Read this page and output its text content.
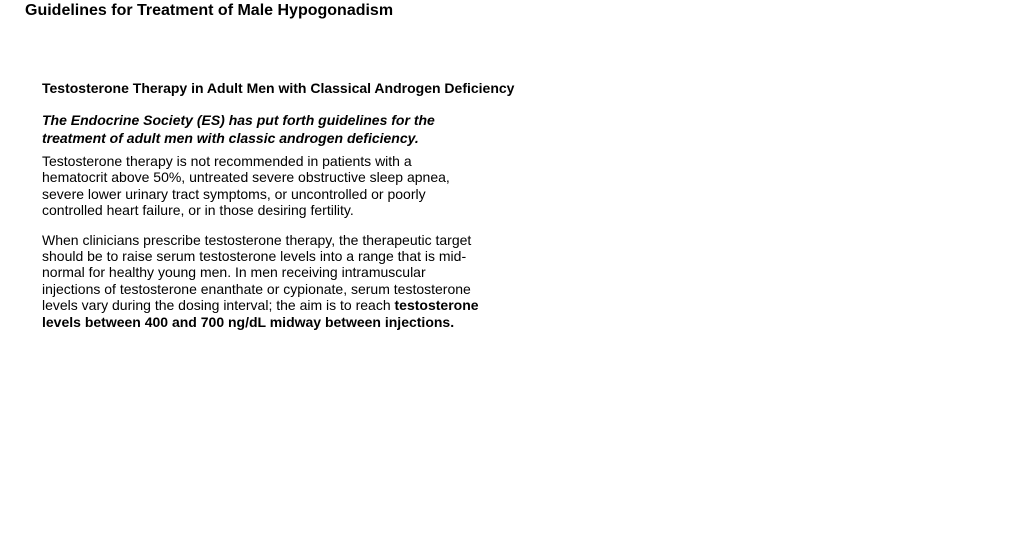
Guidelines for Treatment of Male Hypogonadism
Testosterone Therapy in Adult Men with Classical Androgen Deficiency

The Endocrine Society (ES) has put forth guidelines for the treatment of adult men with classic androgen deficiency.

Testosterone therapy is not recommended in patients with a hematocrit above 50%, untreated severe obstructive sleep apnea, severe lower urinary tract symptoms, or uncontrolled or poorly controlled heart failure, or in those desiring fertility.

When clinicians prescribe testosterone therapy, the therapeutic target should be to raise serum testosterone levels into a range that is mid-normal for healthy young men. In men receiving intramuscular injections of testosterone enanthate or cypionate, serum testosterone levels vary during the dosing interval; the aim is to reach testosterone levels between 400 and 700 ng/dL midway between injections.
